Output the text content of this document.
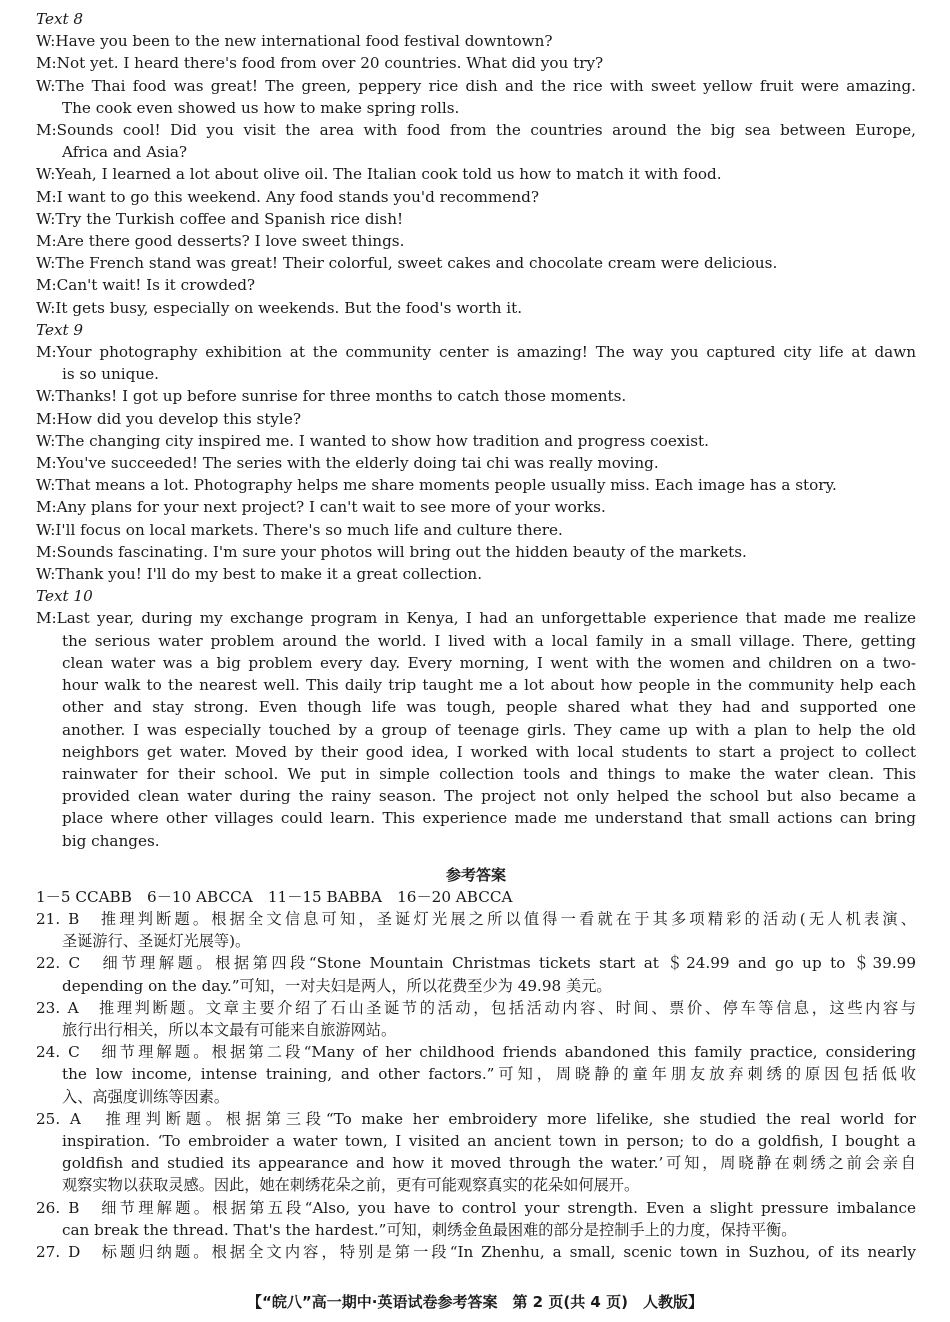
Text 8
W:Have you been to the new international food festival downtown?
M:Not yet. I heard there's food from over 20 countries. What did you try?
W:The Thai food was great! The green, peppery rice dish and the rice with sweet yellow fruit were amazing.
The cook even showed us how to make spring rolls.
M:Sounds cool! Did you visit the area with food from the countries around the big sea between Europe,
Africa and Asia?
W:Yeah, I learned a lot about olive oil. The Italian cook told us how to match it with food.
M:I want to go this weekend. Any food stands you'd recommend?
W:Try the Turkish coffee and Spanish rice dish!
M:Are there good desserts? I love sweet things.
W:The French stand was great! Their colorful, sweet cakes and chocolate cream were delicious.
M:Can't wait! Is it crowded?
W:It gets busy, especially on weekends. But the food's worth it.
Text 9
M:Your photography exhibition at the community center is amazing! The way you captured city life at dawn
is so unique.
W:Thanks! I got up before sunrise for three months to catch those moments.
M:How did you develop this style?
W:The changing city inspired me. I wanted to show how tradition and progress coexist.
M:You've succeeded! The series with the elderly doing tai chi was really moving.
W:That means a lot. Photography helps me share moments people usually miss. Each image has a story.
M:Any plans for your next project? I can't wait to see more of your works.
W:I'll focus on local markets. There's so much life and culture there.
M:Sounds fascinating. I'm sure your photos will bring out the hidden beauty of the markets.
W:Thank you! I'll do my best to make it a great collection.
Text 10
M:Last year, during my exchange program in Kenya, I had an unforgettable experience that made me realize
the serious water problem around the world. I lived with a local family in a small village. There, getting
clean water was a big problem every day. Every morning, I went with the women and children on a two-
hour walk to the nearest well. This daily trip taught me a lot about how people in the community help each
other and stay strong. Even though life was tough, people shared what they had and supported one
another. I was especially touched by a group of teenage girls. They came up with a plan to help the old
neighbors get water. Moved by their good idea, I worked with local students to start a project to collect
rainwater for their school. We put in simple collection tools and things to make the water clean. This
provided clean water during the rainy season. The project not only helped the school but also became a
place where other villages could learn. This experience made me understand that small actions can bring
big changes.
参考答案
1－5 CCABB　6－10 ABCCA　11－15 BABBA　16－20 ABCCA
21. B　推理判断题。根据全文信息可知，圣诞灯光展之所以值得一看就在于其多项精彩的活动(无人机表演、
圣诞游行、圣诞灯光展等)。
22. C　细节理解题。根据第四段“Stone Mountain Christmas tickets start at ＄24.99 and go up to ＄39.99
depending on the day.”可知，一对夫妇是两人，所以花费至少为 49.98 美元。
23. A　推理判断题。文章主要介绍了石山圣诞节的活动，包括活动内容、时间、票价、停车等信息，这些内容与
旅行出行相关，所以本文最有可能来自旅游网站。
24. C　细节理解题。根据第二段“Many of her childhood friends abandoned this family practice, considering
the low income, intense training, and other factors.”可知，周晓静的童年朋友放弃刺绣的原因包括低收
入、高强度训练等因素。
25. A　推理判断题。根据第三段“To make her embroidery more lifelike, she studied the real world for
inspiration. ‘To embroider a water town, I visited an ancient town in person; to do a goldfish, I bought a
goldfish and studied its appearance and how it moved through the water.’可知，周晓静在刺绣之前会亲自
观察实物以获取灵感。因此，她在刺绣花朵之前，更有可能观察真实的花朵如何展开。
26. B　细节理解题。根据第五段“Also, you have to control your strength. Even a slight pressure imbalance
can break the thread. That's the hardest.”可知，刺绣金鱼最困难的部分是控制手上的力度，保持平衡。
27. D　标题归纳题。根据全文内容，特别是第一段“In Zhenhu, a small, scenic town in Suzhou, of its nearly
【“皖八”高一期中·英语试卷参考答案　第 2 页(共 4 页)　人教版】
